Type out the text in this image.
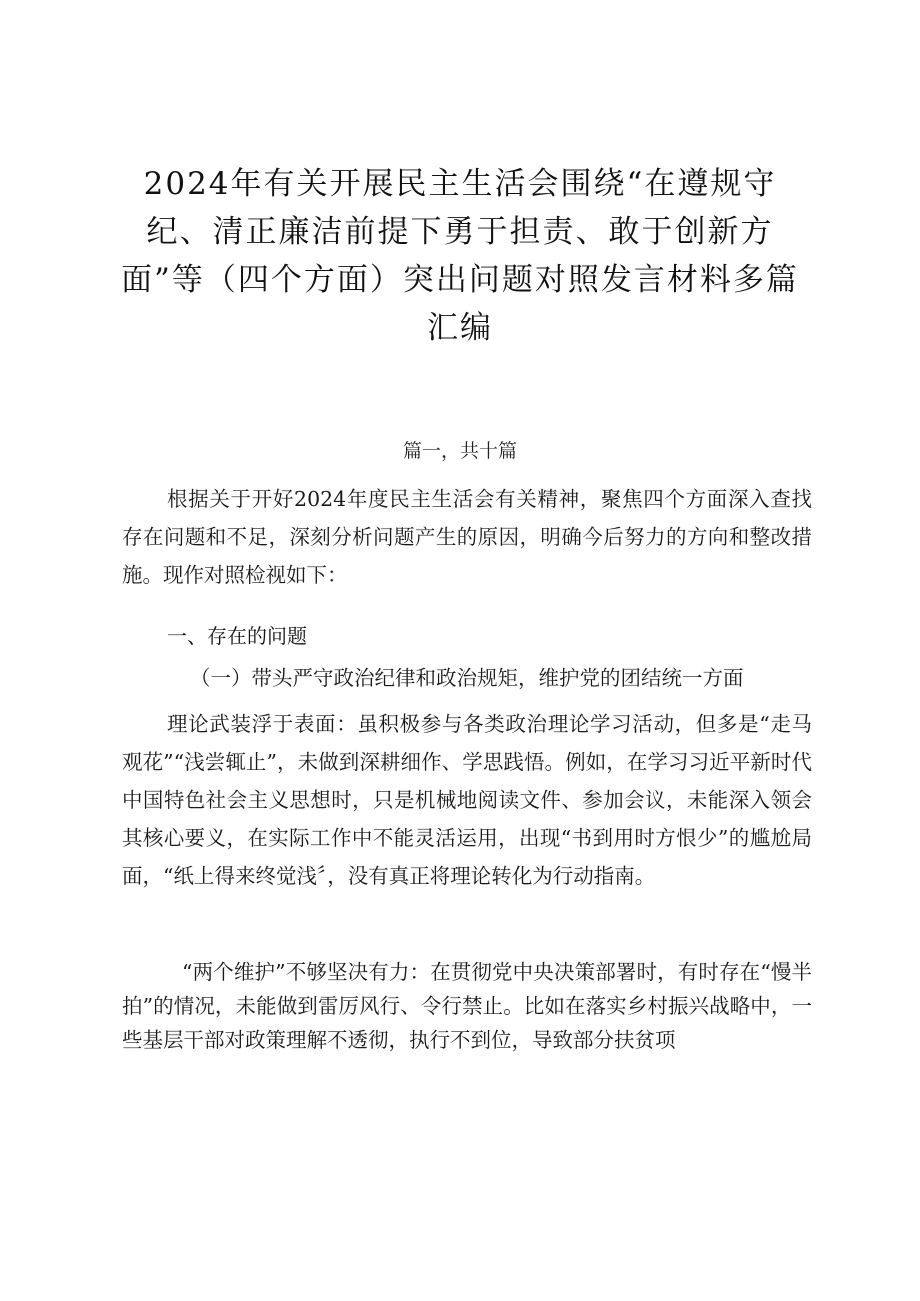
2024年有关开展民主生活会围绕“在遵规守纪、清正廉洁前提下勇于担责、敢于创新方面”等（四个方面）突出问题对照发言材料多篇汇编
篇一，共十篇

根据关于开好2024年度民主生活会有关精神，聚焦四个方面深入查找存在问题和不足，深刻分析问题产生的原因，明确今后努力的方向和整改措施。现作对照检视如下：

一、存在的问题
（一）带头严守政治纪律和政治规矩，维护党的团结统一方面

理论武装浮于表面：虽积极参与各类政治理论学习活动，但多是“走马观花”“浅尝辄止”，未做到深耕细作、学思践悟。例如，在学习习近平新时代中国特色社会主义思想时，只是机械地阅读文件、参加会议，未能深入领会其核心要义，在实际工作中不能灵活运用，出现“书到用时方恨少”的尴尬局面，“纸上得来终觉浅〞，没有真正将理论转化为行动指南。

“两个维护”不够坚决有力：在贯彻党中央决策部署时，有时存在“慢半拍”的情况，未能做到雷厉风行、令行禁止。比如在落实乡村振兴战略中，一些基层干部对政策理解不透彻，执行不到位，导致部分扶贫项
